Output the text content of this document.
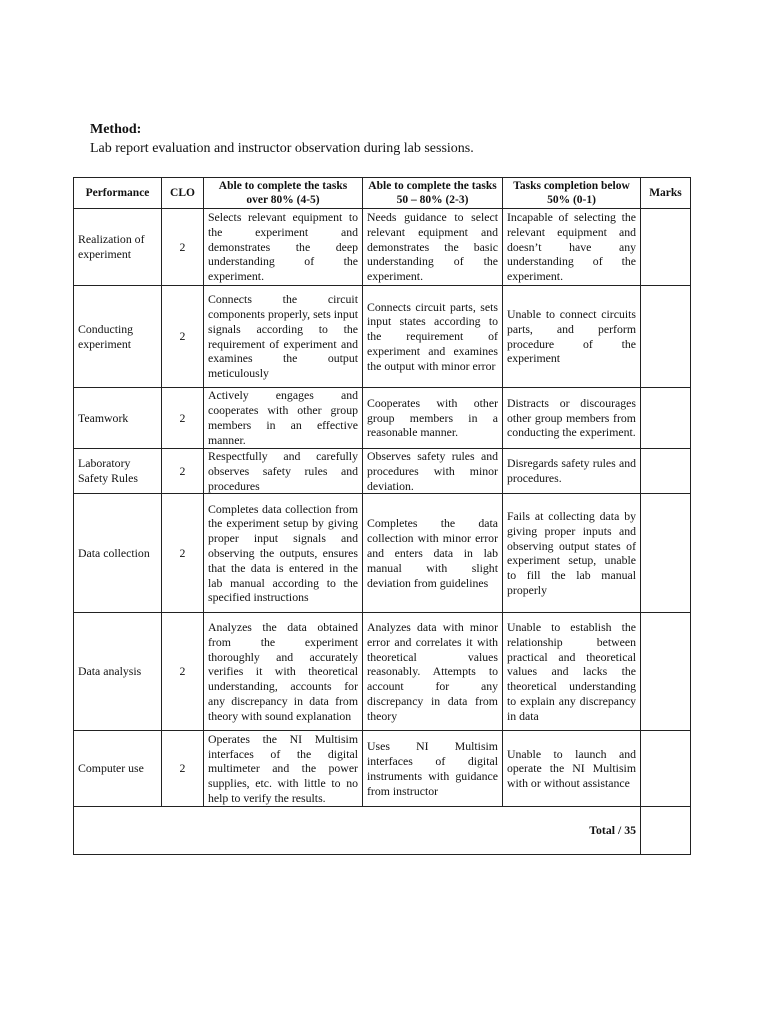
Method:
Lab report evaluation and instructor observation during lab sessions.
Performance	CLO	Able to complete the tasks over 80% (4-5)	Able to complete the tasks 50 – 80% (2-3)	Tasks completion below 50% (0-1)	Marks
Realization of experiment	2	Selects relevant equipment to the experiment and demonstrates the deep understanding of the experiment.	Needs guidance to select relevant equipment and demonstrates the basic understanding of the experiment.	Incapable of selecting the relevant equipment and doesn’t have any understanding of the experiment.	
Conducting experiment	2	Connects the circuit components properly, sets input signals according to the requirement of experiment and examines the output meticulously	Connects circuit parts, sets input states according to the requirement of experiment and examines the output with minor error	Unable to connect circuits parts, and perform procedure of the experiment	
Teamwork	2	Actively engages and cooperates with other group members in an effective manner.	Cooperates with other group members in a reasonable manner.	Distracts or discourages other group members from conducting the experiment.	
Laboratory Safety Rules	2	Respectfully and carefully observes safety rules and procedures	Observes safety rules and procedures with minor deviation.	Disregards safety rules and procedures.	
Data collection	2	Completes data collection from the experiment setup by giving proper input signals and observing the outputs, ensures that the data is entered in the lab manual according to the specified instructions	Completes the data collection with minor error and enters data in lab manual with slight deviation from guidelines	Fails at collecting data by giving proper inputs and observing output states of experiment setup, unable to fill the lab manual properly	
Data analysis	2	Analyzes the data obtained from the experiment thoroughly and accurately verifies it with theoretical understanding, accounts for any discrepancy in data from theory with sound explanation	Analyzes data with minor error and correlates it with theoretical values reasonably. Attempts to account for any discrepancy in data from theory	Unable to establish the relationship between practical and theoretical values and lacks the theoretical understanding to explain any discrepancy in data	
Computer use	2	Operates the NI Multisim interfaces of the digital multimeter and the power supplies, etc. with little to no help to verify the results.	Uses NI Multisim interfaces of digital instruments with guidance from instructor	Unable to launch and operate the NI Multisim with or without assistance	
Total / 35					
